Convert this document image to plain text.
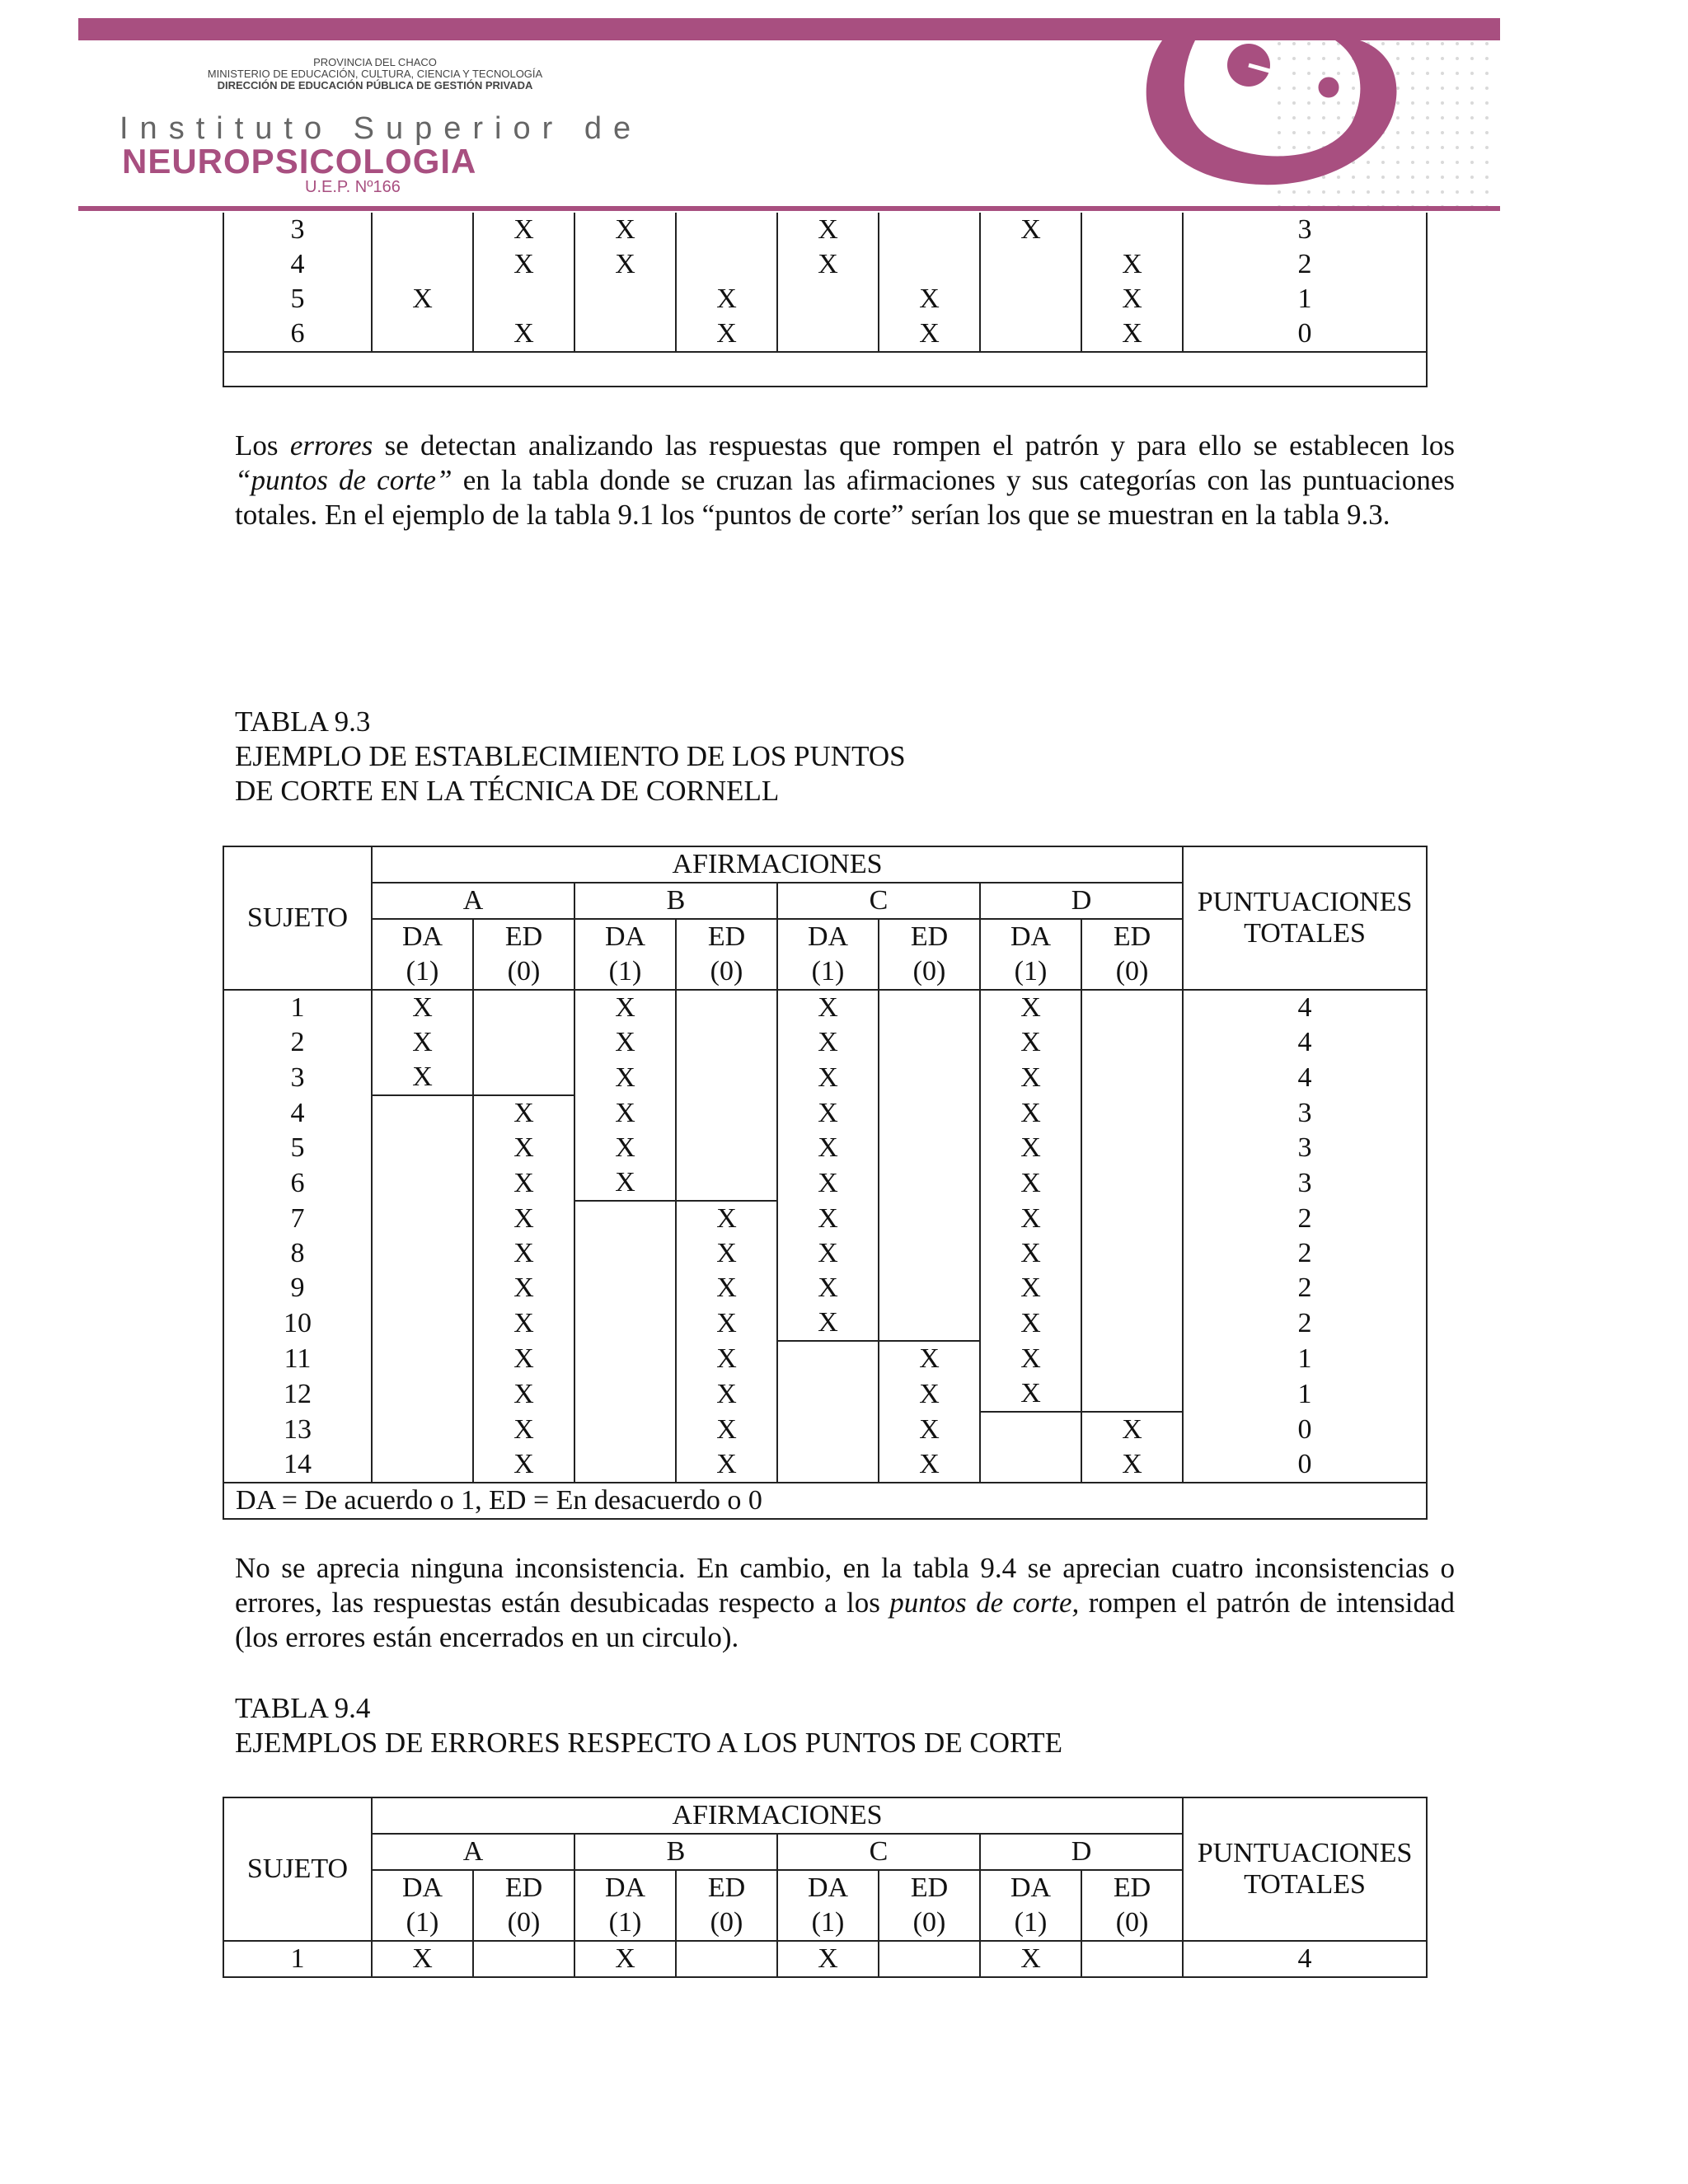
PROVINCIA DEL CHACO
MINISTERIO DE EDUCACIÓN, CULTURA, CIENCIA Y TECNOLOGÍA
DIRECCIÓN DE EDUCACIÓN PÚBLICA DE GESTIÓN PRIVADA
Instituto Superior de
NEUROPSICOLOGIA
U.E.P. Nº166
3		X	X		X		X		3
4		X	X		X			X	2
5	X			X		X		X	1
6		X		X		X		X	0

Los errores se detectan analizando las respuestas que rompen el patrón y para ello se establecen los “puntos de corte” en la tabla donde se cruzan las afirmaciones y sus categorías con las puntuaciones totales. En el ejemplo de la tabla 9.1 los “puntos de corte” serían los que se muestran en la tabla 9.3.
TABLA 9.3
EJEMPLO DE ESTABLECIMIENTO DE LOS PUNTOS
DE CORTE EN LA TÉCNICA DE CORNELL
SUJETO	AFIRMACIONES								PUNTUACIONES
TOTALES

	A		B		C		D		
	DA	ED	DA	ED	DA	ED	DA	ED	
	(1)	(0)	(1)	(0)	(1)	(0)	(1)	(0)	
1	X		X		X		X		4
2	X		X		X		X		4
3	X		X		X		X		4
4		X	X		X		X		3
5		X	X		X		X		3
6		X	X		X		X		3
7		X		X	X		X		2
8		X		X	X		X		2
9		X		X	X		X		2
10		X		X	X		X		2
11		X		X		X	X		1
12		X		X		X	X		1
13		X		X		X		X	0
14		X		X		X		X	0
DA = De acuerdo o 1, ED = En desacuerdo o 0									
No se aprecia ninguna inconsistencia. En cambio, en la tabla 9.4 se aprecian cuatro inconsistencias o errores, las respuestas están desubicadas respecto a los puntos de corte, rompen el patrón de intensidad (los errores están encerrados en un circulo).
TABLA 9.4
EJEMPLOS DE ERRORES RESPECTO A LOS PUNTOS DE CORTE
SUJETO	AFIRMACIONES								PUNTUACIONES
TOTALES

	A		B		C		D		
	DA	ED	DA	ED	DA	ED	DA	ED	
	(1)	(0)	(1)	(0)	(1)	(0)	(1)	(0)	
1	X		X		X		X		4
